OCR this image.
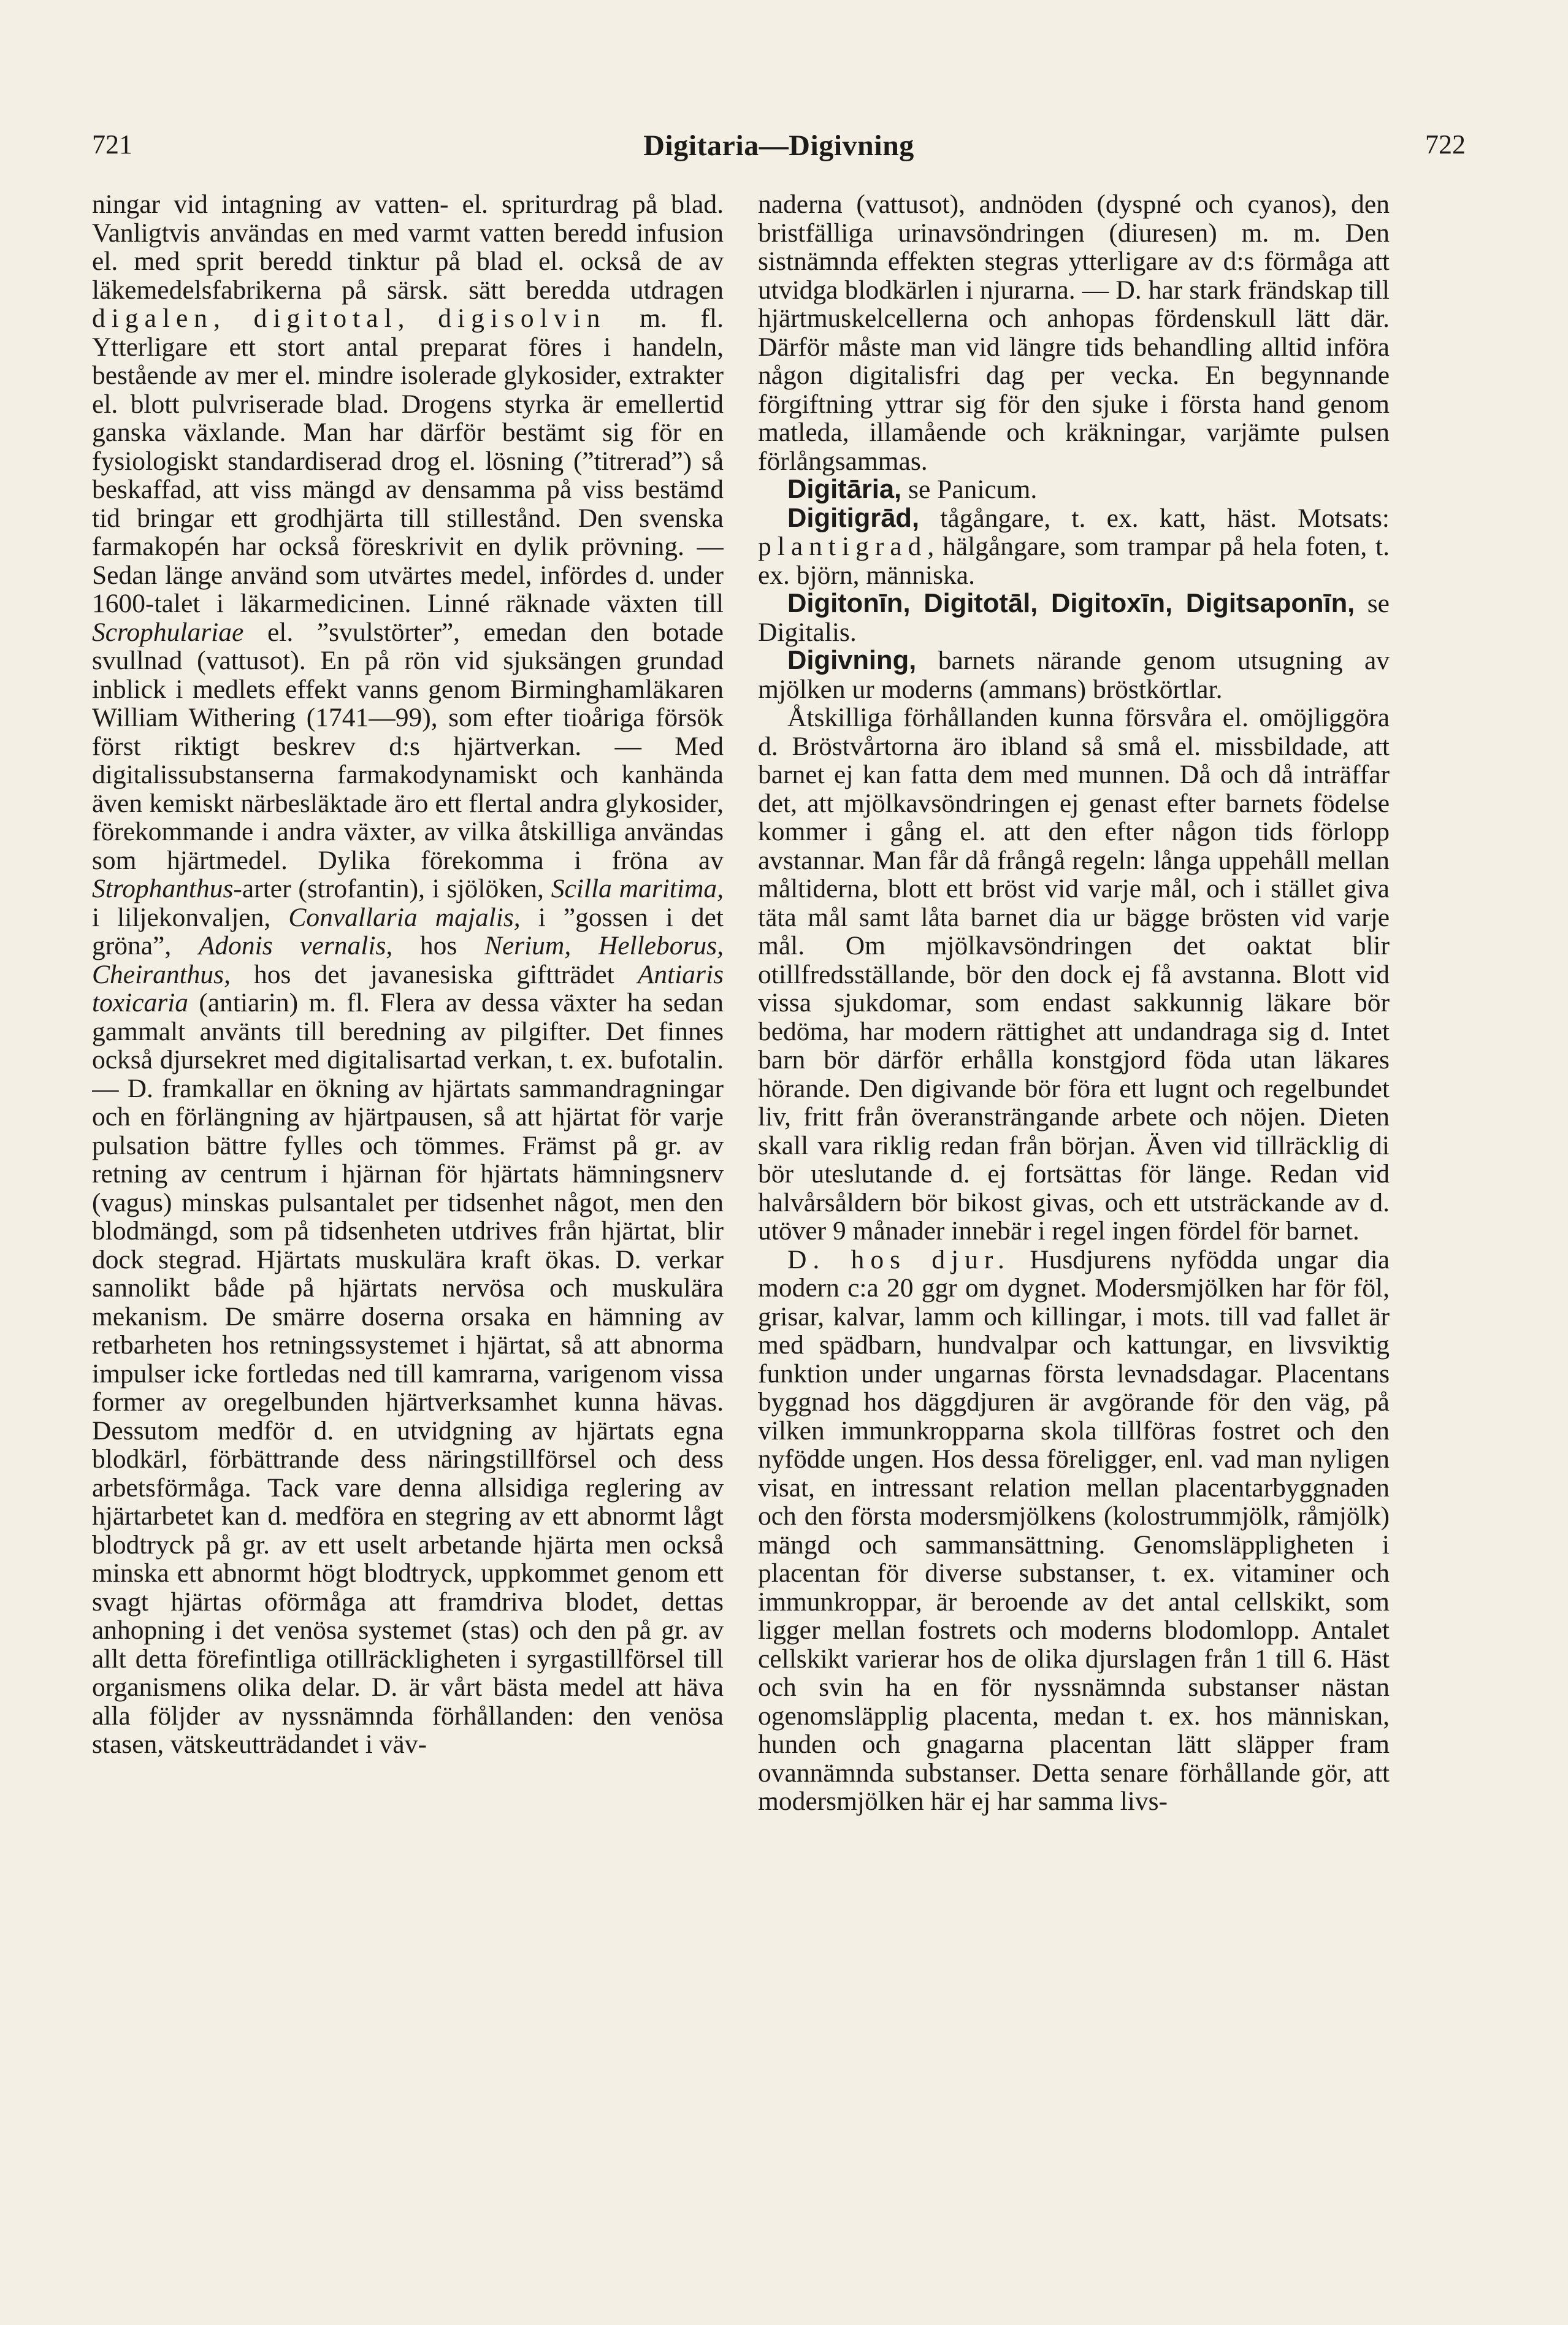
721	Digitaria—Digivning	722

ningar vid intagning av vatten- el. spriturdrag på blad. Vanligtvis användas en med varmt vatten beredd infusion el. med sprit beredd tinktur på blad el. också de av läkemedelsfabrikerna på särsk. sätt beredda utdragen digalen, digitotal, digisolvin m. fl. Ytterligare ett stort antal preparat föres i handeln, bestående av mer el. mindre isolerade glykosider, extrakter el. blott pulvriserade blad. Drogens styrka är emellertid ganska växlande. Man har därför bestämt sig för en fysiologiskt standardiserad drog el. lösning (”titrerad”) så beskaffad, att viss mängd av densamma på viss bestämd tid bringar ett grodhjärta till stillestånd. Den svenska farmakopén har också föreskrivit en dylik prövning. — Sedan länge använd som utvärtes medel, infördes d. under 1600-talet i läkarmedicinen. Linné räknade växten till Scrophulariae el. ”svulstörter”, emedan den botade svullnad (vattusot). En på rön vid sjuksängen grundad inblick i medlets effekt vanns genom Birminghamläkaren William Withering (1741—99), som efter tioåriga försök först riktigt beskrev d:s hjärtverkan. — Med digitalissubstanserna farmakodynamiskt och kanhända även kemiskt närbesläktade äro ett flertal andra glykosider, förekommande i andra växter, av vilka åtskilliga användas som hjärtmedel. Dylika förekomma i fröna av Strophanthus-arter (strofantin), i sjölöken, Scilla maritima, i liljekonvaljen, Convallaria majalis, i ”gossen i det gröna”, Adonis vernalis, hos Nerium, Helleborus, Cheiranthus, hos det javanesiska giftträdet Antiaris toxicaria (antiarin) m. fl. Flera av dessa växter ha sedan gammalt använts till beredning av pilgifter. Det finnes också djursekret med digitalisartad verkan, t. ex. bufotalin. — D. framkallar en ökning av hjärtats sammandragningar och en förlängning av hjärtpausen, så att hjärtat för varje pulsation bättre fylles och tömmes. Främst på gr. av retning av centrum i hjärnan för hjärtats hämningsnerv (vagus) minskas pulsantalet per tidsenhet något, men den blodmängd, som på tidsenheten utdrives från hjärtat, blir dock stegrad. Hjärtats muskulära kraft ökas. D. verkar sannolikt både på hjärtats nervösa och muskulära mekanism. De smärre doserna orsaka en hämning av retbarheten hos retningssystemet i hjärtat, så att abnorma impulser icke fortledas ned till kamrarna, varigenom vissa former av oregelbunden hjärtverksamhet kunna hävas. Dessutom medför d. en utvidgning av hjärtats egna blodkärl, förbättrande dess näringstillförsel och dess arbetsförmåga. Tack vare denna allsidiga reglering av hjärtarbetet kan d. medföra en stegring av ett abnormt lågt blodtryck på gr. av ett uselt arbetande hjärta men också minska ett abnormt högt blodtryck, uppkommet genom ett svagt hjärtas oförmåga att framdriva blodet, dettas anhopning i det venösa systemet (stas) och den på gr. av allt detta förefintliga otillräckligheten i syrgastillförsel till organismens olika delar. D. är vårt bästa medel att häva alla följder av nyssnämnda förhållanden: den venösa stasen, vätskeutträdandet i väv-

naderna (vattusot), andnöden (dyspné och cyanos), den bristfälliga urinavsöndringen (diuresen) m. m. Den sistnämnda effekten stegras ytterligare av d:s förmåga att utvidga blodkärlen i njurarna. — D. har stark frändskap till hjärtmuskelcellerna och anhopas fördenskull lätt där. Därför måste man vid längre tids behandling alltid införa någon digitalisfri dag per vecka. En begynnande förgiftning yttrar sig för den sjuke i första hand genom matleda, illamående och kräkningar, varjämte pulsen förlångsammas.

Digitāria, se Panicum.

Digitigrād, tågångare, t. ex. katt, häst. Motsats: plantigrad, hälgångare, som trampar på hela foten, t. ex. björn, människa.

Digitonīn, Digitotāl, Digitoxīn, Digitsaponīn, se Digitalis.

Digivning, barnets närande genom utsugning av mjölken ur moderns (ammans) bröstkörtlar.

Åtskilliga förhållanden kunna försvåra el. omöjliggöra d. Bröstvårtorna äro ibland så små el. missbildade, att barnet ej kan fatta dem med munnen. Då och då inträffar det, att mjölkavsöndringen ej genast efter barnets födelse kommer i gång el. att den efter någon tids förlopp avstannar. Man får då frångå regeln: långa uppehåll mellan måltiderna, blott ett bröst vid varje mål, och i stället giva täta mål samt låta barnet dia ur bägge brösten vid varje mål. Om mjölkavsöndringen det oaktat blir otillfredsställande, bör den dock ej få avstanna. Blott vid vissa sjukdomar, som endast sakkunnig läkare bör bedöma, har modern rättighet att undandraga sig d. Intet barn bör därför erhålla konstgjord föda utan läkares hörande. Den digivande bör föra ett lugnt och regelbundet liv, fritt från överansträngande arbete och nöjen. Dieten skall vara riklig redan från början. Även vid tillräcklig di bör uteslutande d. ej fortsättas för länge. Redan vid halvårsåldern bör bikost givas, och ett utsträckande av d. utöver 9 månader innebär i regel ingen fördel för barnet.

D. hos djur. Husdjurens nyfödda ungar dia modern c:a 20 ggr om dygnet. Modersmjölken har för föl, grisar, kalvar, lamm och killingar, i mots. till vad fallet är med spädbarn, hundvalpar och kattungar, en livsviktig funktion under ungarnas första levnadsdagar. Placentans byggnad hos däggdjuren är avgörande för den väg, på vilken immunkropparna skola tillföras fostret och den nyfödde ungen. Hos dessa föreligger, enl. vad man nyligen visat, en intressant relation mellan placentarbyggnaden och den första modersmjölkens (kolostrummjölk, råmjölk) mängd och sammansättning. Genomsläppligheten i placentan för diverse substanser, t. ex. vitaminer och immunkroppar, är beroende av det antal cellskikt, som ligger mellan fostrets och moderns blodomlopp. Antalet cellskikt varierar hos de olika djurslagen från 1 till 6. Häst och svin ha en för nyssnämnda substanser nästan ogenomsläpplig placenta, medan t. ex. hos människan, hunden och gnagarna placentan lätt släpper fram ovannämnda substanser. Detta senare förhållande gör, att modersmjölken här ej har samma livs-
